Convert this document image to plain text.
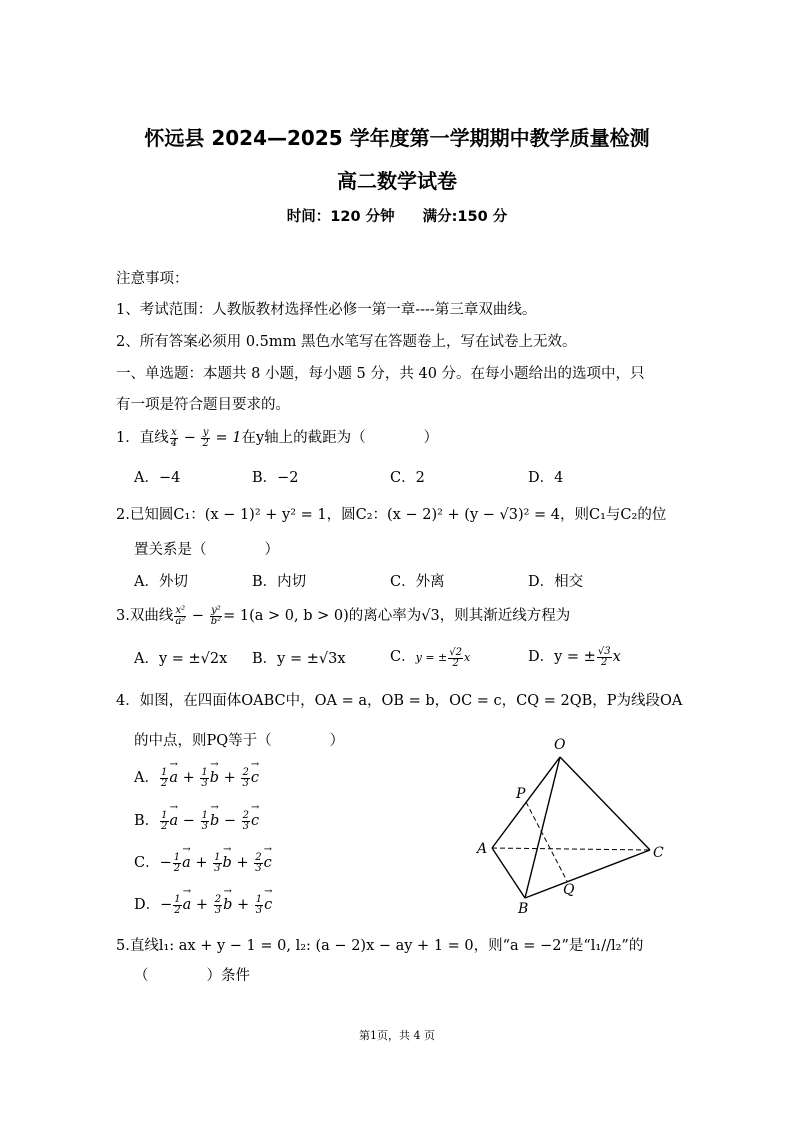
怀远县 2024—2025 学年度第一学期期中教学质量检测
高二数学试卷
时间：120 分钟 满分:150 分
注意事项：
1、考试范围：人教版教材选择性必修一第一章----第三章双曲线。
2、所有答案必须用 0.5mm 黑色水笔写在答题卷上，写在试卷上无效。
一、单选题：本题共 8 小题，每小题 5 分，共 40 分。在每小题给出的选项中，只
有一项是符合题目要求的。
1．直线 $\frac{x}{4} - \frac{y}{2} = 1$在y轴上的截距为（　　　　）
A．−4	B．−2	C．2	D．4
2.已知圆C₁：(x − 1)² + y² = 1，圆C₂：(x − 2)² + (y − √3)² = 4，则C₁与C₂的位
置关系是（　　　　）
A．外切	B．内切	C．外离	D．相交
3.双曲线 $\frac{\text{x²}}{\text{a²}} - \frac{\text{y²}}{\text{b²}} = 1(a > 0$, b > 0)的离心率为√3，则其渐近线方程为
A．y = ±√2x B．y = ±√3x	C．y = ± $\frac{√2}{2}$ x	D．y = ± $\frac{√3}{2}$ x
4．如图，在四面体OABC中，OA = a，OB = b，OC = c，CQ = 2QB，P为线段OA
的中点，则PQ等于（　　　　）
A． $\frac{1}{2} \to a + \frac{1}{3} \to b + \frac{2}{3} \to c$
B． $\frac{1}{2} \to a - \frac{1}{3} \to b - \frac{2}{3} \to c$
C．− $\frac{1}{2} \to a + \frac{1}{3} \to b + \frac{2}{3} \to c$
D．− $\frac{1}{2} \to a + \frac{2}{3} \to b + \frac{1}{3} \to c$
O
P
A	C
Q
B
5.直线l₁: ax + y − 1 = 0, l₂: (a − 2)x − ay + 1 = 0，则“a = −2”是“l₁//l₂”的
（　　　　）条件
第1页，共 4 页
